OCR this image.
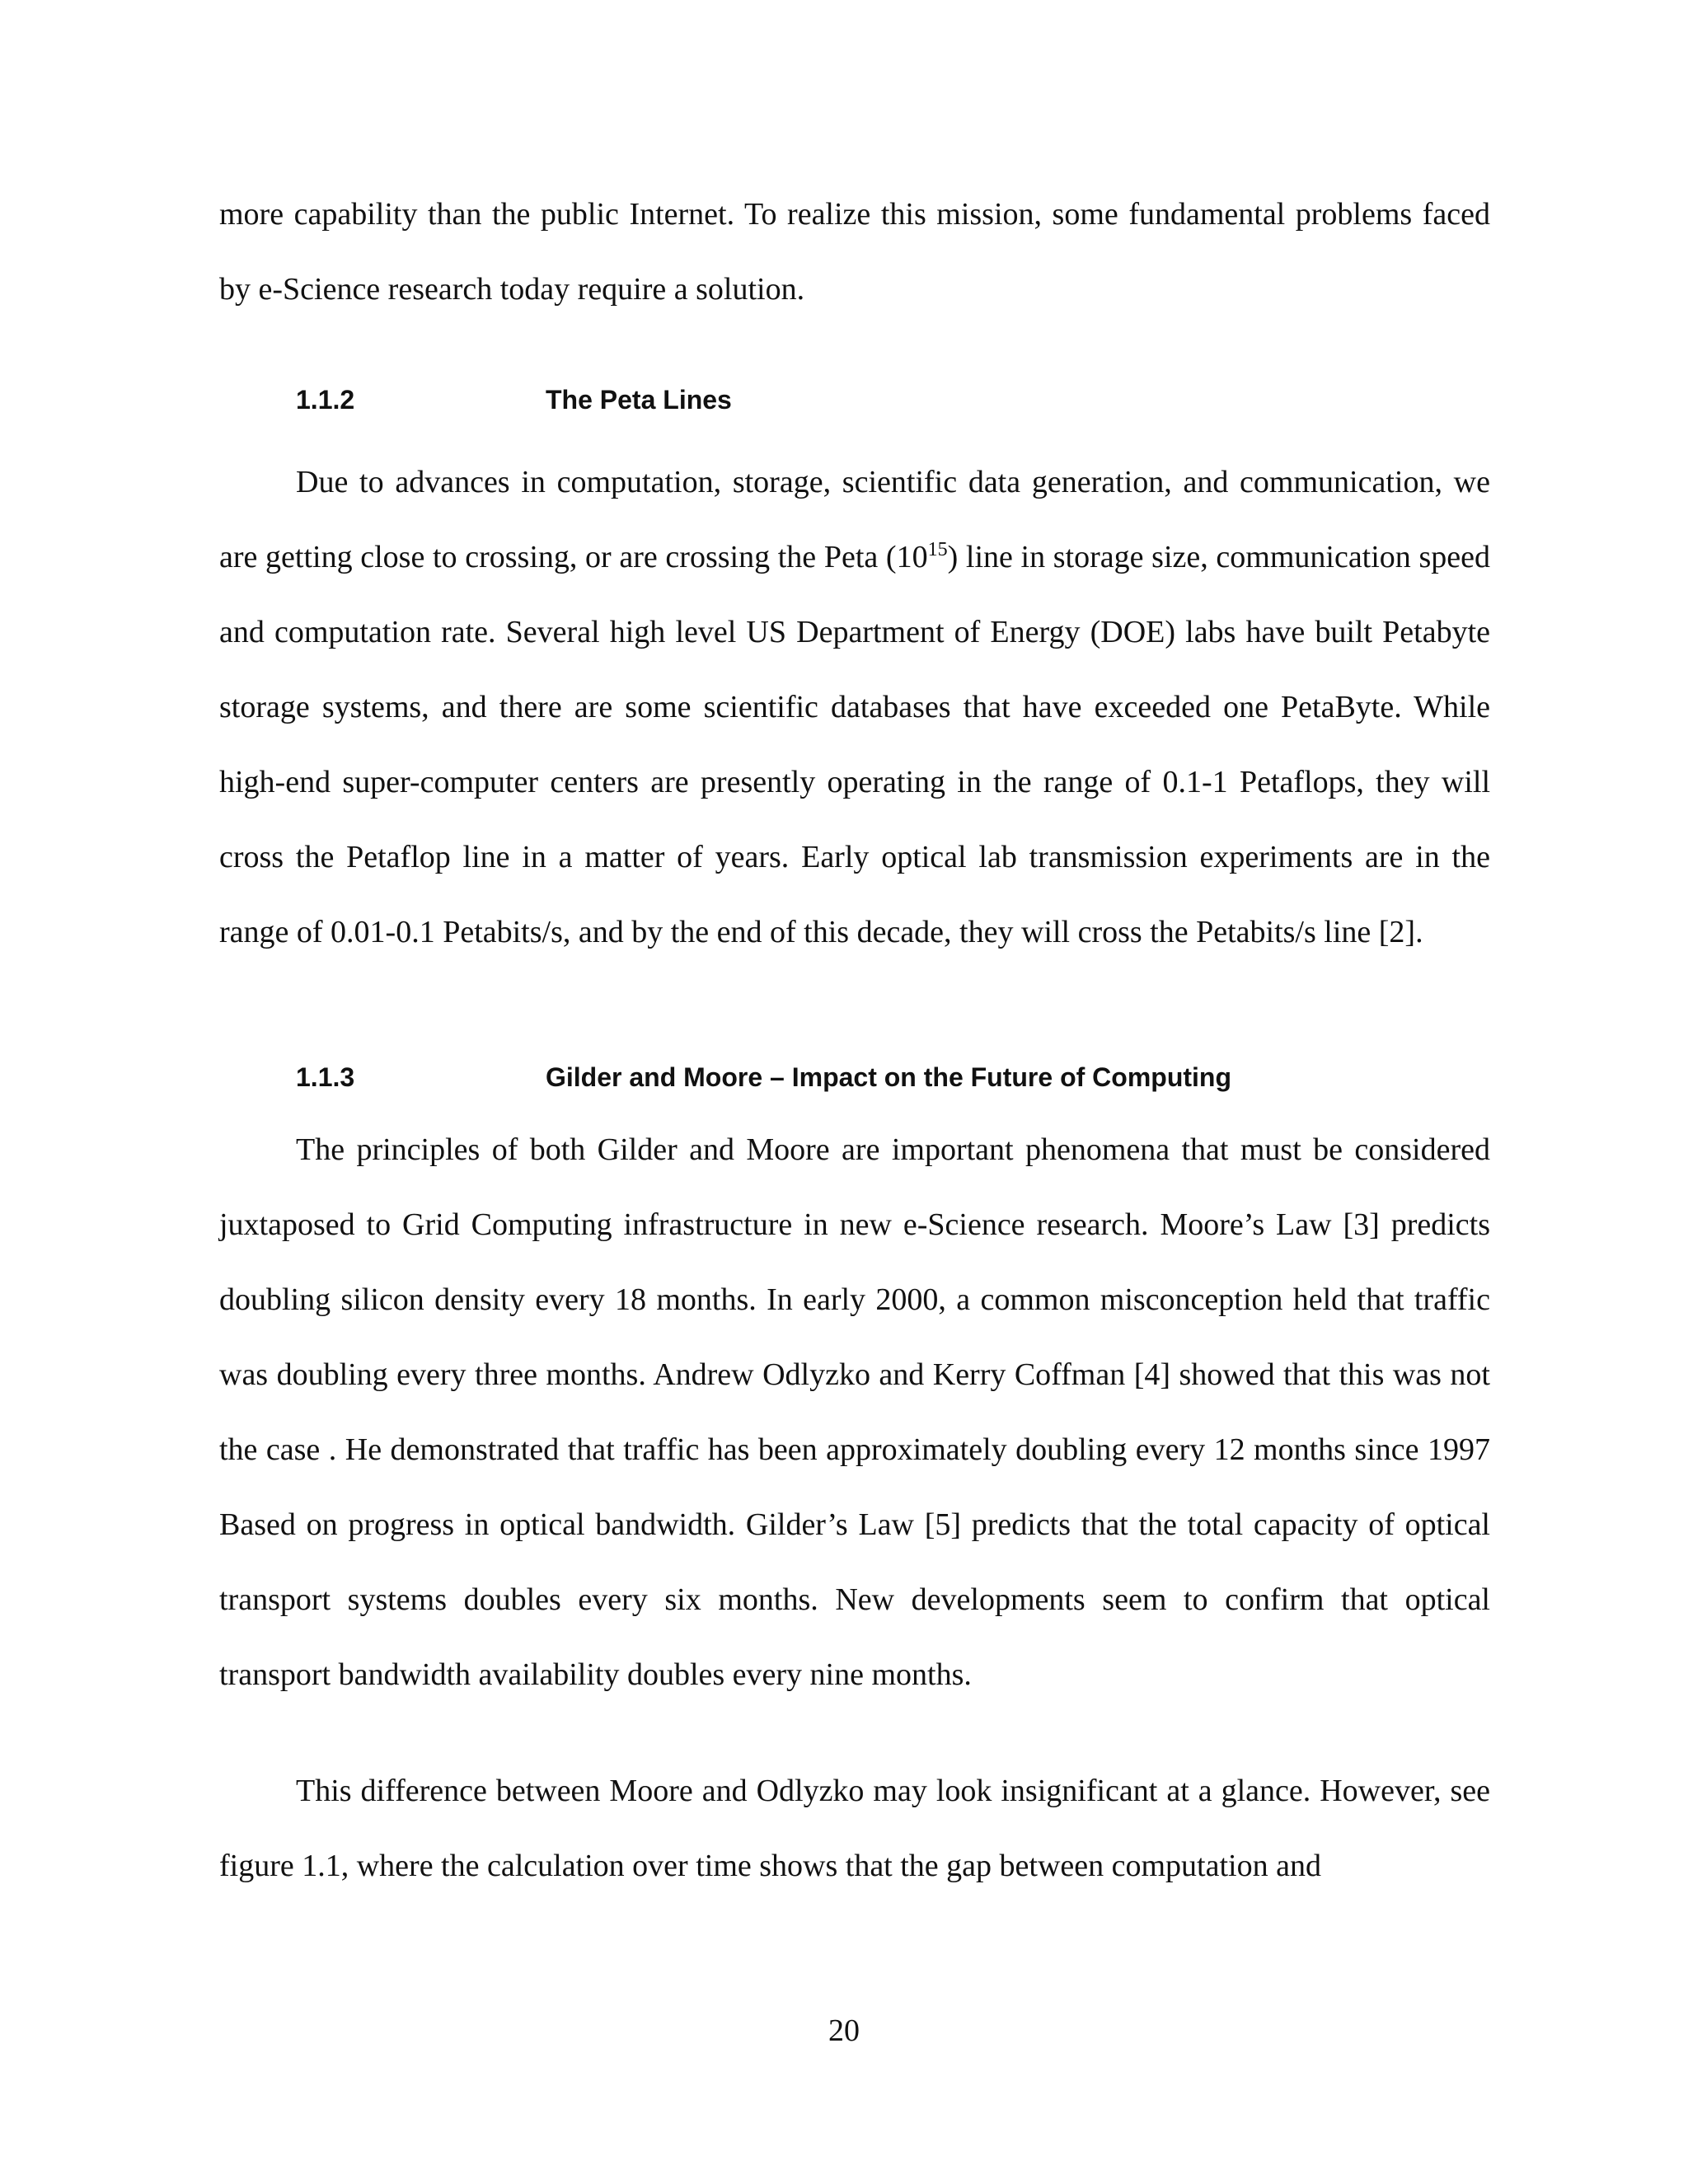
more capability than the public Internet. To realize this mission, some fundamental problems faced by e-Science research today require a solution.

1.1.2	The Peta Lines

Due to advances in computation, storage, scientific data generation, and communication, we are getting close to crossing, or are crossing the Peta $(10^{15})$ line in storage size, communication speed and computation rate. Several high level US Department of Energy (DOE) labs have built Petabyte storage systems, and there are some scientific databases that have exceeded one PetaByte. While high-end super-computer centers are presently operating in the range of 0.1-1 Petaflops, they will cross the Petaflop line in a matter of years. Early optical lab transmission experiments are in the range of 0.01-0.1 Petabits/s, and by the end of this decade, they will cross the Petabits/s line [2].

1.1.3	Gilder and Moore – Impact on the Future of Computing

The principles of both Gilder and Moore are important phenomena that must be considered juxtaposed to Grid Computing infrastructure in new e-Science research. Moore’s Law [3] predicts doubling silicon density every 18 months. In early 2000, a common misconception held that traffic was doubling every three months. Andrew Odlyzko and Kerry Coffman [4] showed that this was not the case . He demonstrated that traffic has been approximately doubling every 12 months since 1997 Based on progress in optical bandwidth. Gilder’s Law [5] predicts that the total capacity of optical transport systems doubles every six months. New developments seem to confirm that optical transport bandwidth availability doubles every nine months.

This difference between Moore and Odlyzko may look insignificant at a glance. However, see figure 1.1, where the calculation over time shows that the gap between computation and

20
